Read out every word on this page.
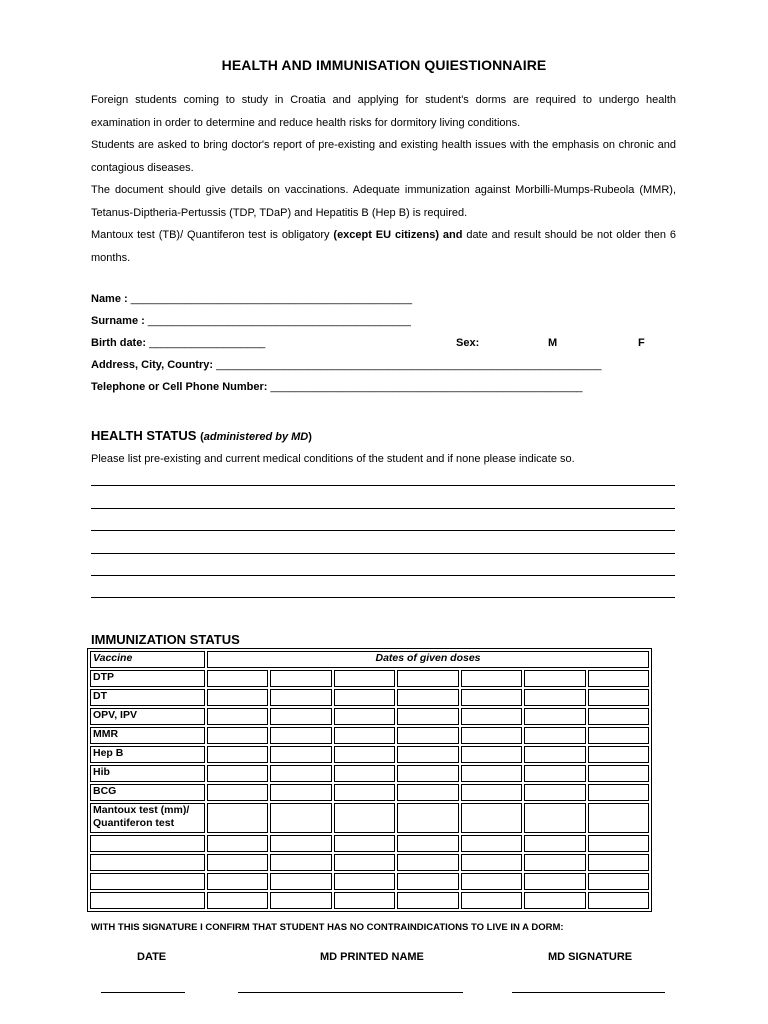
HEALTH AND IMMUNISATION QUIESTIONNAIRE

Foreign students coming to study in Croatia and applying for student's dorms are required to undergo health examination in order to determine and reduce health risks for dormitory living conditions.

Students are asked to bring doctor's report of pre-existing and existing health issues with the emphasis on chronic and contagious diseases.

The document should give details on vaccinations. Adequate immunization against Morbilli-Mumps-Rubeola (MMR), Tetanus-Diptheria-Pertussis (TDP, TDaP) and Hepatitis B (Hep B) is required.

Mantoux test (TB)/ Quantiferon test is obligatory (except EU citizens) and date and result should be not older then 6 months.

Name : ______________________________________________
Surname : ___________________________________________
Birth date: ___________________	Sex:	M	F
Address, City, Country: _______________________________________________________________
Telephone or Cell Phone Number: ___________________________________________________
HEALTH STATUS (administered by MD)
Please list pre-existing and current medical conditions of the student and if none please indicate so.
IMMUNIZATION STATUS
Vaccine	Dates of given doses						
DTP							
DT							
OPV, IPV							
MMR							
Hep B							
Hib							
BCG							
Mantoux test (mm)/ Quantiferon test							

WITH THIS SIGNATURE I CONFIRM THAT STUDENT HAS NO CONTRAINDICATIONS TO LIVE IN A DORM:
DATE	MD PRINTED NAME	MD SIGNATURE
